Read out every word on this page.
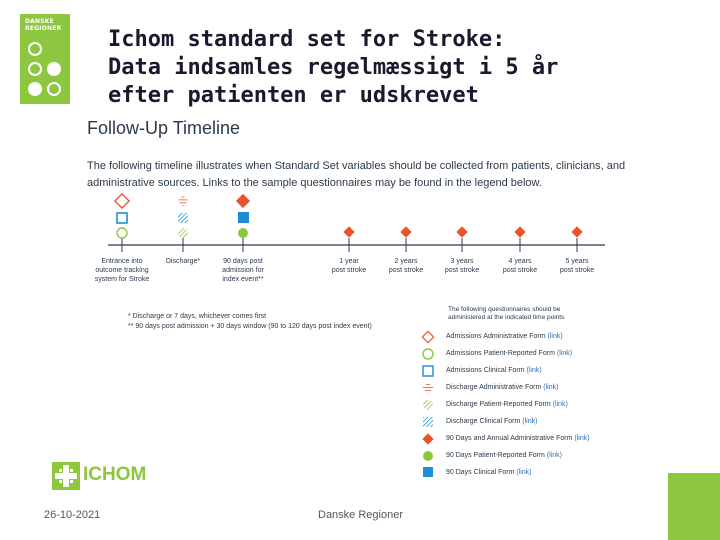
DANSKE
REGIONER Ichom standard set for Stroke:
Data indsamles regelmæssigt i 5 år
efter patienten er udskrevet
Follow-Up Timeline
The following timeline illustrates when Standard Set variables should be collected from patients, clinicians, and administrative sources. Links to the sample questionnaires may be found in the legend below.
Entrance into
outcome tracking
system for Stroke
Discharge*	90 days post
admission for
index event**
1 year
post stroke
2 years
post stroke
3 years
post stroke
4 years
post stroke
5 years
post stroke
* Discharge or 7 days, whichever comes first
** 90 days post admission + 30 days window (90 to 120 days post index event)
The following questionnaires should be administered at the indicated time points
Admissions Administrative Form (link)
Admissions Patient-Reported Form (link)
Admissions Clinical Form (link)
Discharge Administrative Form (link)
Discharge Patient-Reported Form (link)
Discharge Clinical Form (link)
90 Days and Annual Administrative Form (link)
90 Days Patient-Reported Form (link)
90 Days Clinical Form (link)
ICHOM
26-10-2021	Danske Regioner
